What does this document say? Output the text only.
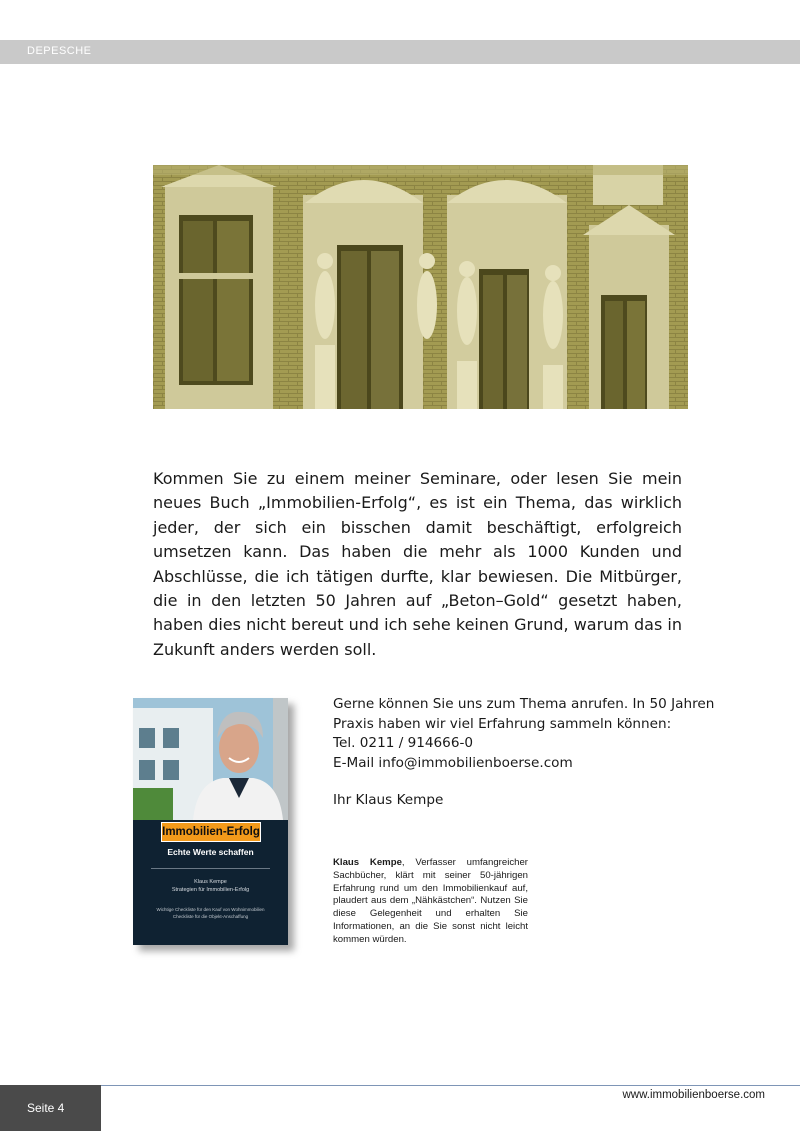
DEPESCHE
Kommen Sie zu einem meiner Seminare, oder lesen Sie mein neues Buch „Immobilien-Erfolg“, es ist ein Thema, das wirklich jeder, der sich ein bisschen damit beschäftigt, erfolgreich umsetzen kann. Das haben die mehr als 1000 Kunden und Abschlüsse, die ich tätigen durfte, klar bewiesen. Die Mitbürger, die in den letzten 50 Jahren auf „Beton–Gold“ gesetzt haben, haben dies nicht bereut und ich sehe keinen Grund, warum das in Zukunft anders werden soll.
Immobilien-Erfolg
Echte Werte schaffen
Klaus Kempe
Strategien für Immobilien-Erfolg
Wichtige Checkliste für den Kauf von Wohnimmobilien
Checkliste für die Objekt-Anschaffung
Gerne können Sie uns zum Thema anrufen. In 50 Jahren
Praxis haben wir viel Erfahrung sammeln können:
Tel. 0211 / 914666-0
E-Mail info@immobilienboerse.com
Ihr Klaus Kempe
Klaus Kempe, Verfasser umfangreicher Sachbücher, klärt mit seiner 50-jährigen Erfahrung rund um den Immobilienkauf auf, plaudert aus dem „Nähkästchen“. Nutzen Sie diese Gelegenheit und erhalten Sie Informationen, an die Sie sonst nicht leicht kommen würden.
Seite 4
www.immobilienboerse.com
